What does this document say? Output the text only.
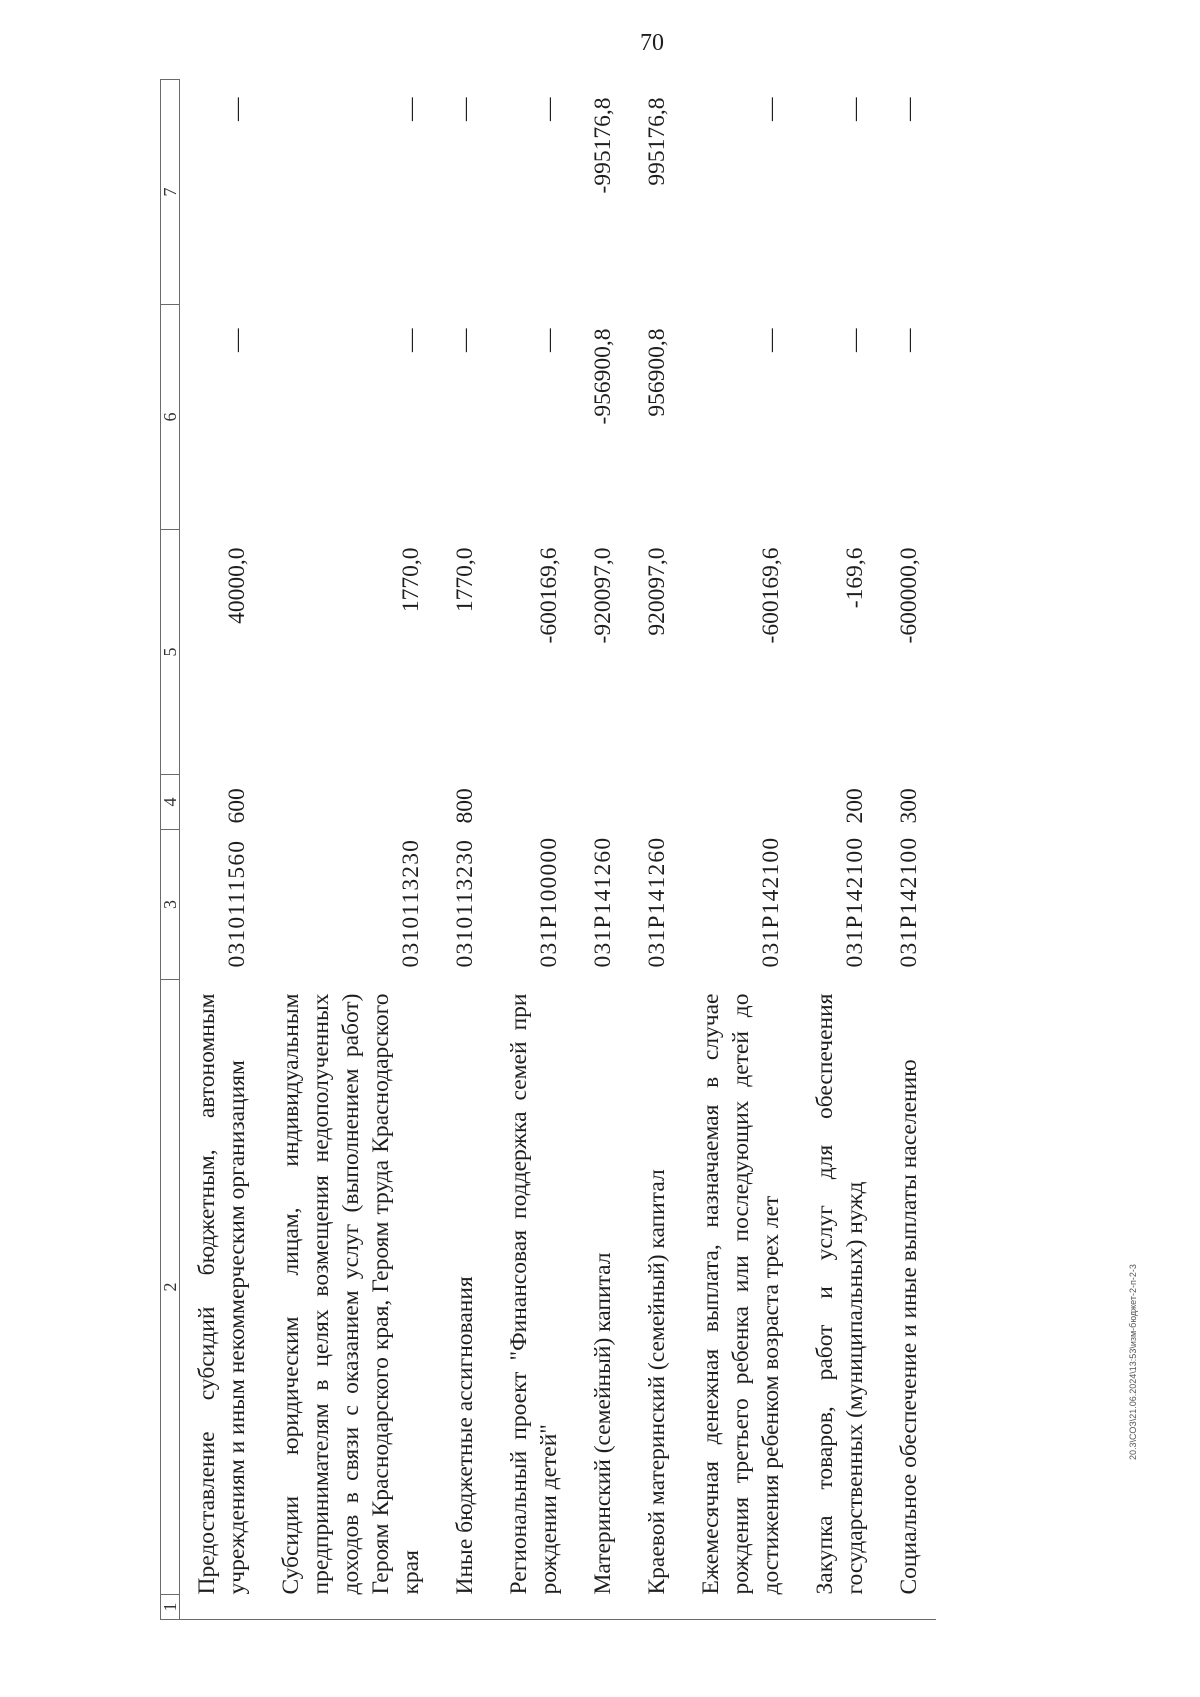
70
20.3\СОЗ\21.06.2024\13:53\изм-бюджет-2-п-2-3
1	2	3	4	5	6	7
	Предоставление субсидий бюджетным, автономным учреждениям и иным некоммерческим организациям	0310111560	600	40000,0	—	—
	Субсидии юридическим лицам, индивидуальным предпринимателям в целях возмещения недополученных доходов в связи с оказанием услуг (выполнением работ) Героям Краснодарского края, Героям труда Краснодарского края	0310113230		1770,0	—	—
	Иные бюджетные ассигнования	0310113230	800	1770,0	—	—
	Региональный проект "Финансовая поддержка семей при рождении детей"	031P100000		-600169,6	—	—
	Материнский (семейный) капитал	031P141260		-920097,0	-956900,8	-995176,8
	Краевой материнский (семейный) капитал	031P141260		920097,0	956900,8	995176,8
	Ежемесячная денежная выплата, назначаемая в случае рождения третьего ребенка или последующих детей до достижения ребенком возраста трех лет	031P142100		-600169,6	—	—
	Закупка товаров, работ и услуг для обеспечения государственных (муниципальных) нужд	031P142100	200	-169,6	—	—
	Социальное обеспечение и иные выплаты населению	031P142100	300	-600000,0	—	—
